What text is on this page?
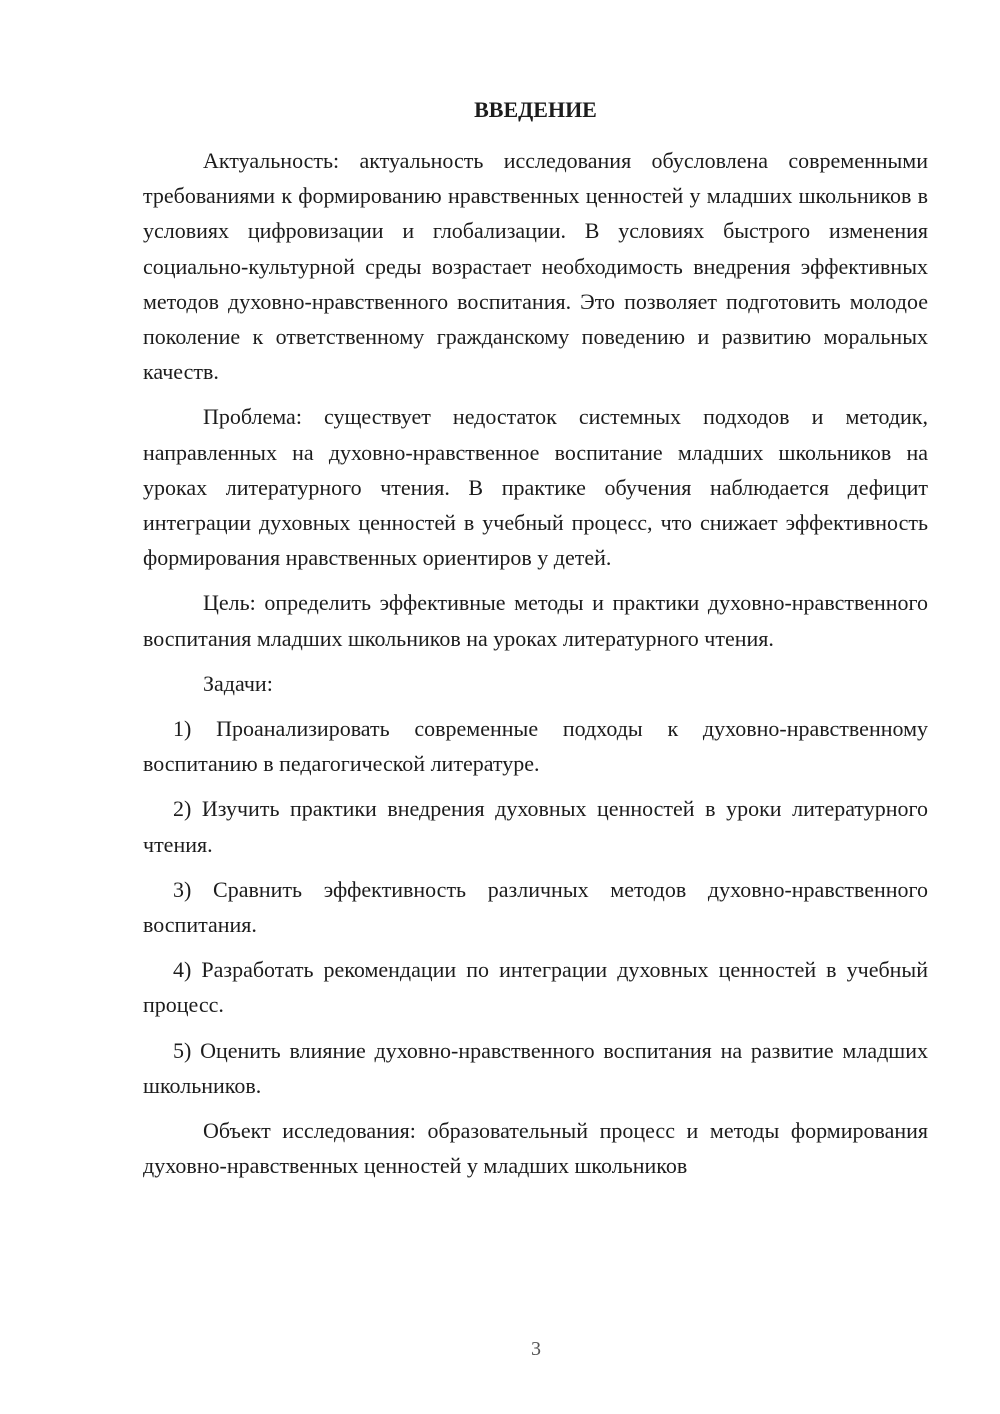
ВВЕДЕНИЕ

Актуальность: актуальность исследования обусловлена современными требованиями к формированию нравственных ценностей у младших школьников в условиях цифровизации и глобализации. В условиях быстрого изменения социально-культурной среды возрастает необходимость внедрения эффективных методов духовно-нравственного воспитания. Это позволяет подготовить молодое поколение к ответственному гражданскому поведению и развитию моральных качеств.

Проблема: существует недостаток системных подходов и методик, направленных на духовно-нравственное воспитание младших школьников на уроках литературного чтения. В практике обучения наблюдается дефицит интеграции духовных ценностей в учебный процесс, что снижает эффективность формирования нравственных ориентиров у детей.

Цель: определить эффективные методы и практики духовно-нравственного воспитания младших школьников на уроках литературного чтения.

Задачи:

1) Проанализировать современные подходы к духовно-нравственному воспитанию в педагогической литературе.

2) Изучить практики внедрения духовных ценностей в уроки литературного чтения.

3) Сравнить эффективность различных методов духовно-нравственного воспитания.

4) Разработать рекомендации по интеграции духовных ценностей в учебный процесс.

5) Оценить влияние духовно-нравственного воспитания на развитие младших школьников.

Объект исследования: образовательный процесс и методы формирования духовно-нравственных ценностей у младших школьников

3
